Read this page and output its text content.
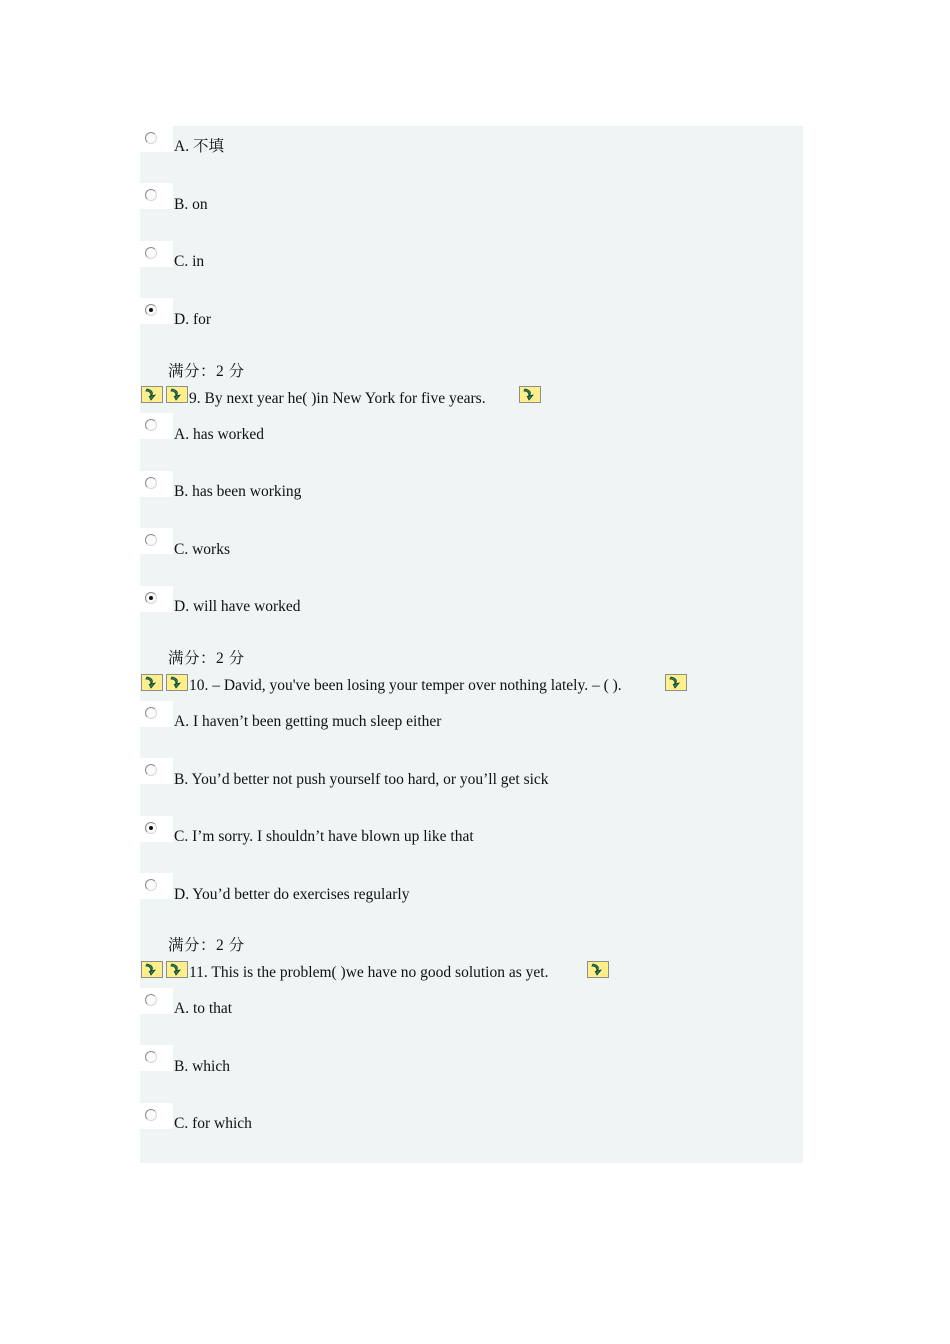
A. 不填
B. on
C. in
D. for
满分：2 分
9. By next year he( )in New York for five years.
A. has worked
B. has been working
C. works
D. will have worked
满分：2 分
10. – David, you've been losing your temper over nothing lately. – ( ).
A. I haven’t been getting much sleep either
B. You’d better not push yourself too hard, or you’ll get sick
C. I’m sorry. I shouldn’t have blown up like that
D. You’d better do exercises regularly
满分：2 分
11. This is the problem( )we have no good solution as yet.
A. to that
B. which
C. for which
